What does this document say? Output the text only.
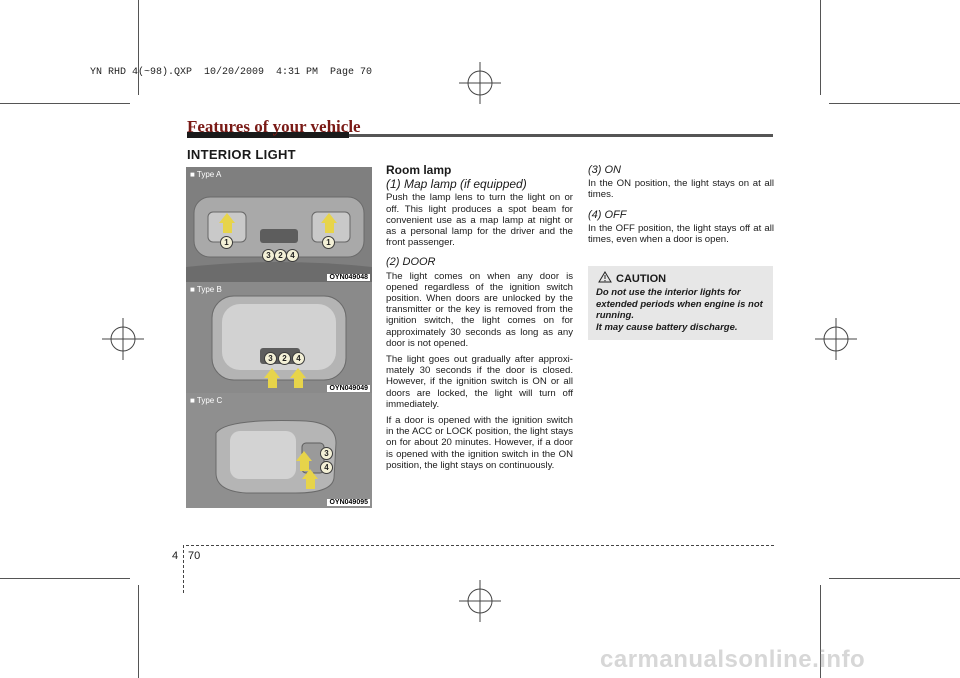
YN RHD 4(~98).QXP  10/20/2009  4:31 PM  Page 70
Features of your vehicle
INTERIOR LIGHT
■ Type A
1	1
3 2 4
OYN049048
■ Type B
3	2	4
OYN049049
■ Type C
3
4
OYN049095
Room lamp
(1) Map lamp (if equipped)

Push the lamp lens to turn the light on or off. This light produces a spot beam for convenient use as a map lamp at night or as a personal lamp for the driver and the front passenger.

(2) DOOR

The light comes on when any door is opened regardless of the ignition switch position. When doors are unlocked by the transmitter or the key is removed from the ignition switch, the light comes on for approximately 30 seconds as long as any door is not opened.

The light goes out gradually after approxi-mately 30 seconds if the door is closed. However, if the ignition switch is ON or all doors are locked, the light will turn off immediately.

If a door is opened with the ignition switch in the ACC or LOCK position, the light stays on for about 20 minutes. However, if a door is opened with the ignition switch in the ON position, the light stays on continuously.

(3) ON

In the ON position, the light stays on at all times.

(4) OFF

In the OFF position, the light stays off at all times, even when a door is open.

CAUTION
Do not use the interior lights for extended periods when engine is not running.
It may cause battery discharge.
4 70
carmanualsonline.info
